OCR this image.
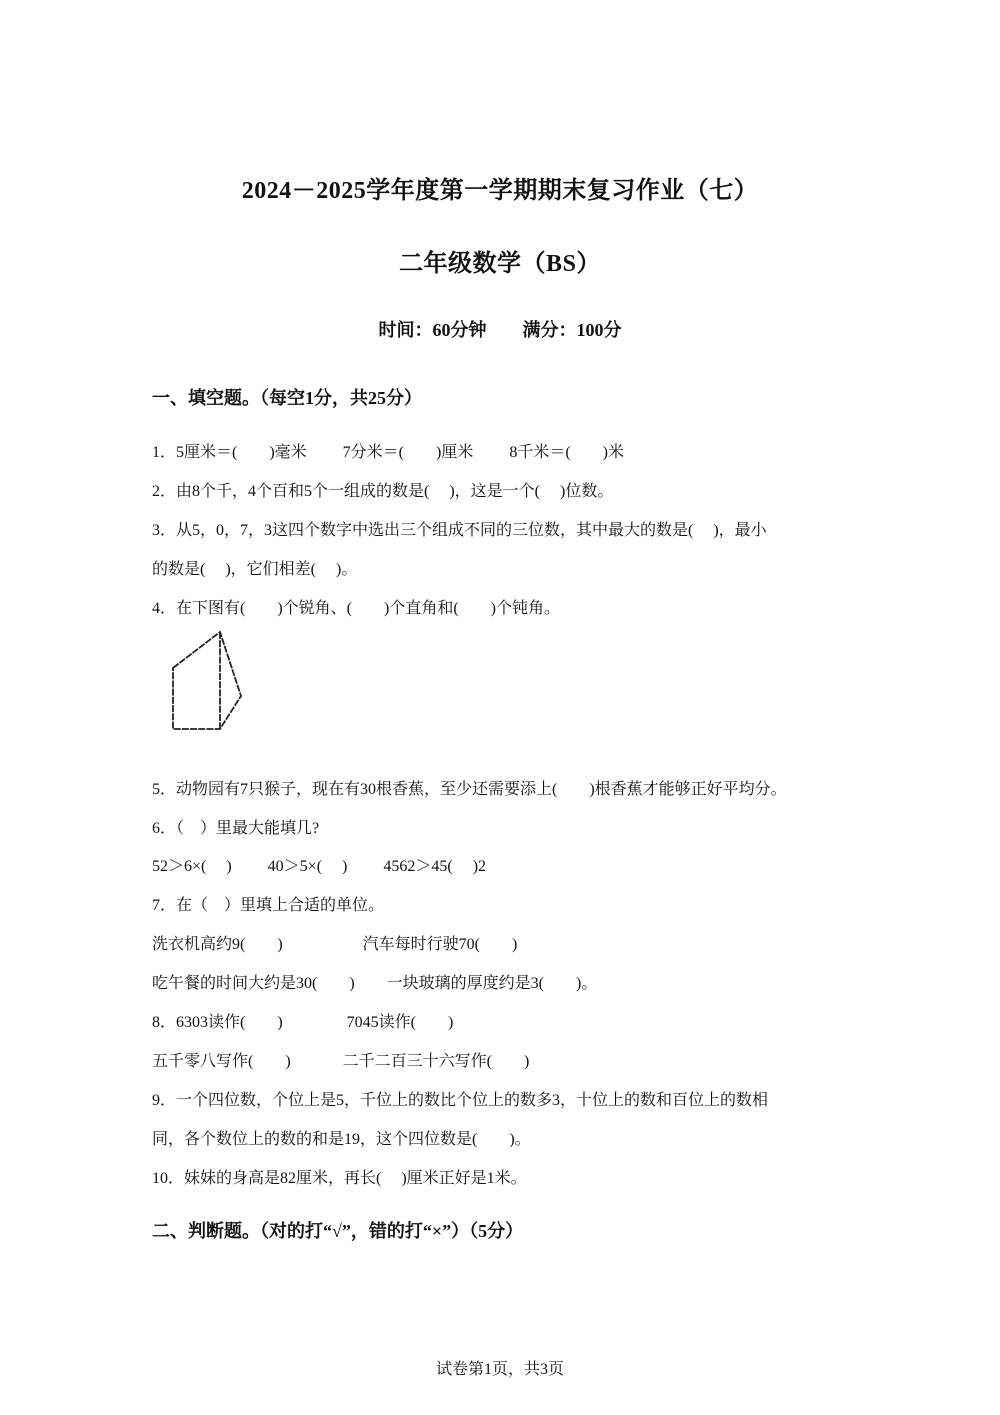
2024－2025学年度第一学期期末复习作业（七）
二年级数学（BS）
时间：60分钟 满分：100分
一、填空题。（每空1分，共25分）
1．5厘米＝(　　)毫米　　 7分米＝(　　)厘米　　 8千米＝(　　)米
2．由8个千，4个百和5个一组成的数是(　 )，这是一个(　 )位数。
3．从5，0，7，3这四个数字中选出三个组成不同的三位数，其中最大的数是(　 )，最小
的数是(　 )，它们相差(　 )。
4．在下图有(　　)个锐角、(　　)个直角和(　　)个钝角。
5．动物园有7只猴子，现在有30根香蕉，至少还需要添上(　　)根香蕉才能够正好平均分。
6．（　）里最大能填几?
52＞6×(　 )　　 40＞5×(　 )　　 4562＞45(　 )2
7．在（　）里填上合适的单位。
洗衣机高约9(　　)　　　　　汽车每时行驶70(　　)
吃午餐的时间大约是30(　　)　　一块玻璃的厚度约是3(　　)。
8．6303读作(　　)　　　　7045读作(　　)
五千零八写作(　　)　　　 二千二百三十六写作(　　)
9．一个四位数，个位上是5，千位上的数比个位上的数多3，十位上的数和百位上的数相
同，各个数位上的数的和是19，这个四位数是(　　)。
10．妹妹的身高是82厘米，再长(　 )厘米正好是1米。
二、判断题。（对的打“√”，错的打“×”）（5分）
试卷第1页，共3页
